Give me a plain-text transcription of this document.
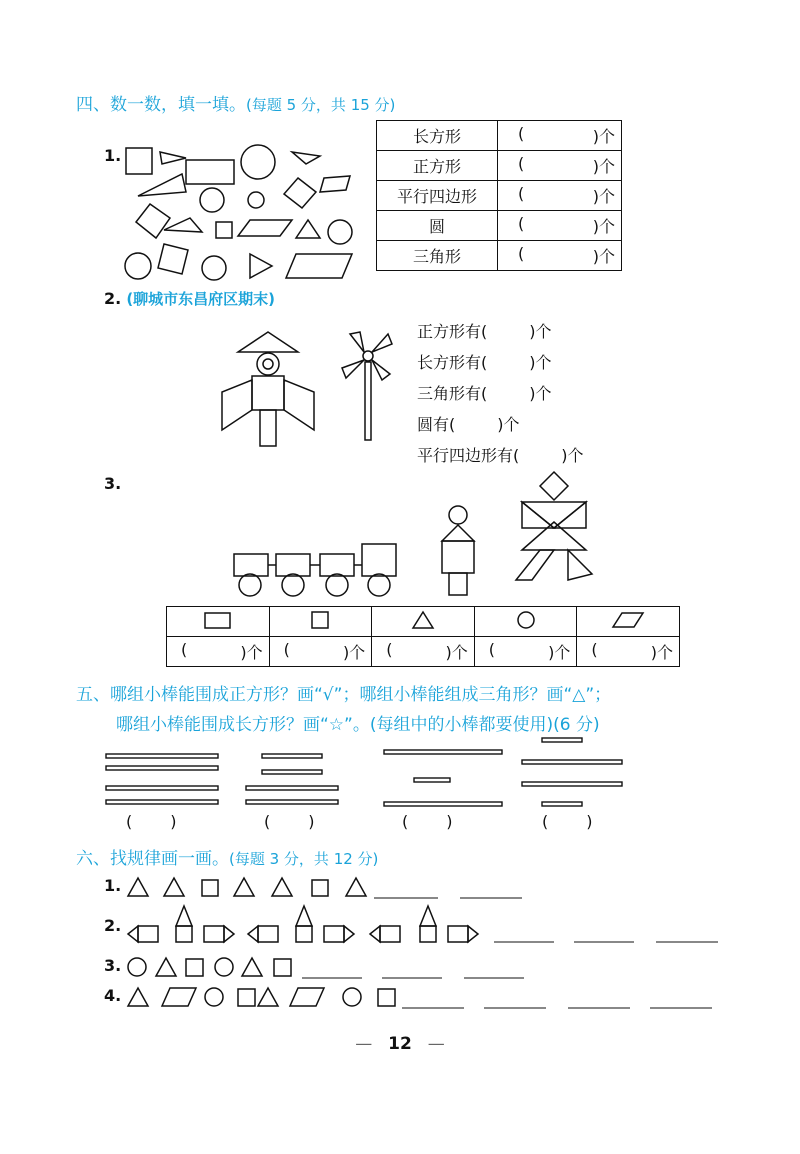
四、数一数，填一填。(每题 5 分，共 15 分)
1.
长方形	( )个

正方形	( )个

平行四边形	( )个

圆	( )个

三角形	( )个
2. (聊城市东昌府区期末)
正方形有(	)个
长方形有(	)个
三角形有(	)个
圆有(	)个
平行四边形有(	)个
3.

( )个	( )个	( )个	( )个	( )个
五、哪组小棒能围成正方形？画“√”；哪组小棒能组成三角形？画“△”；
哪组小棒能围成长方形？画“☆”。(每组中的小棒都要使用)(6 分)
( )	( )	( )	( )
六、找规律画一画。(每题 3 分，共 12 分)
1.
2.
3.
4.
— 12 —
